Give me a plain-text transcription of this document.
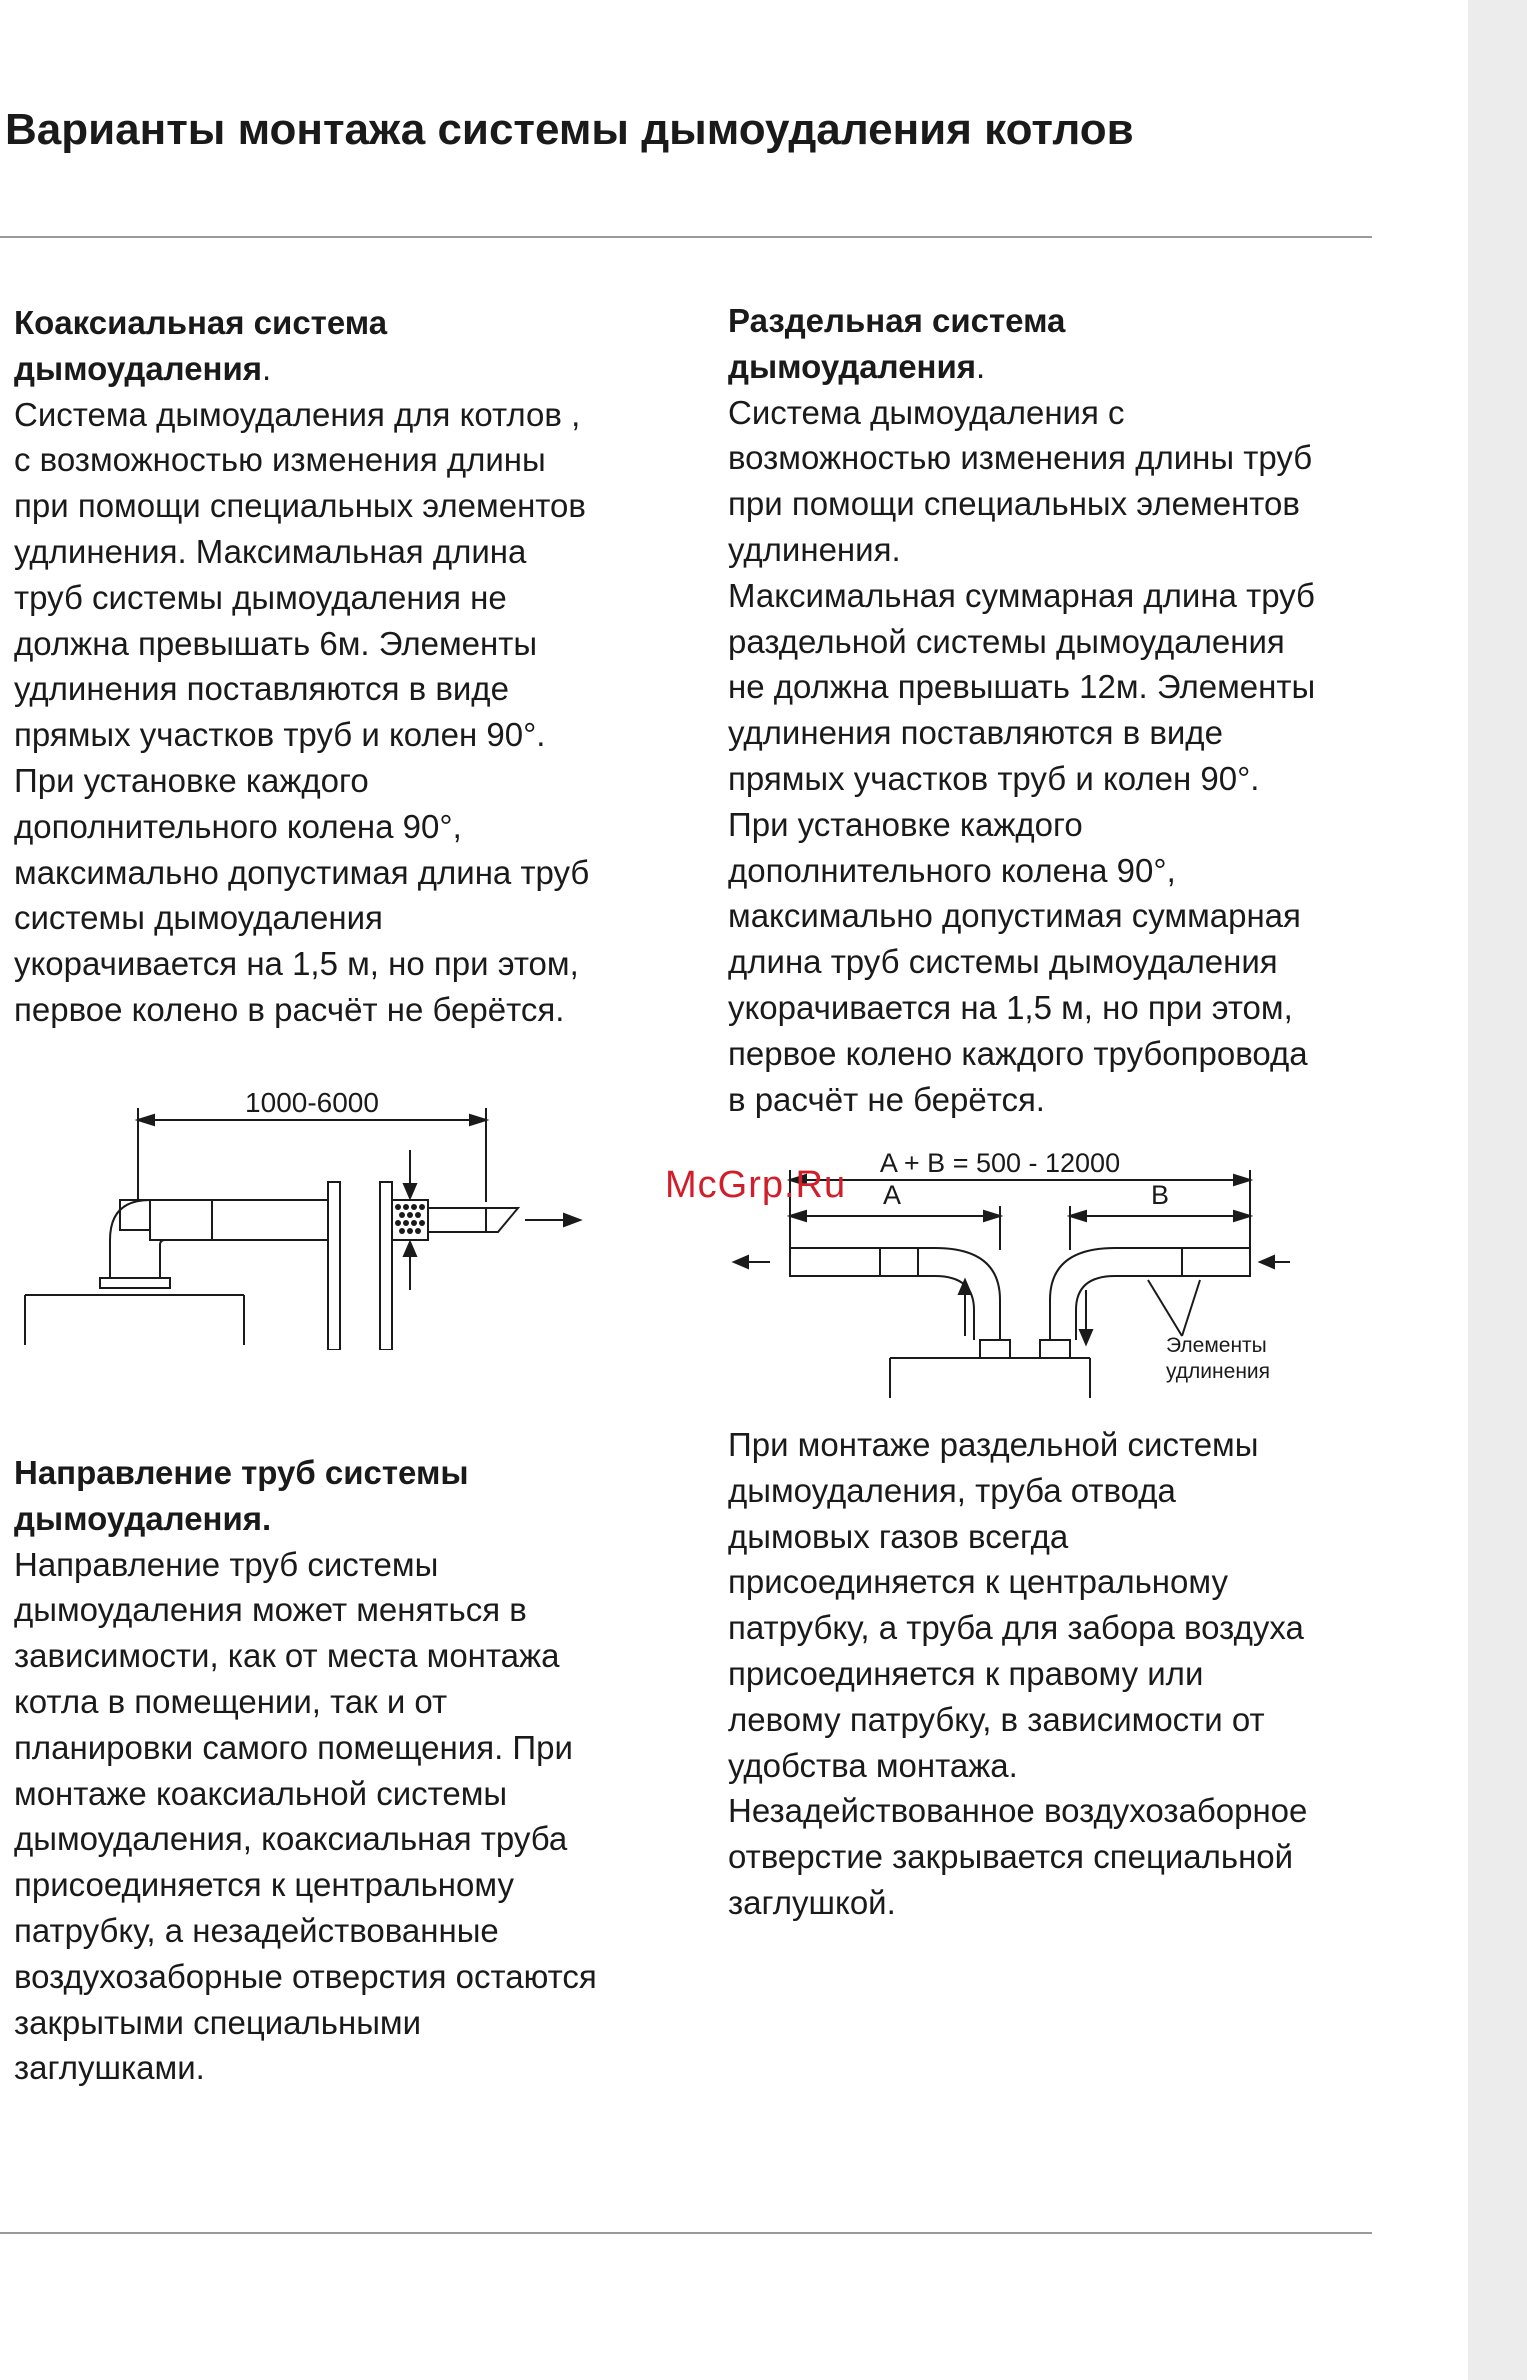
Варианты монтажа системы дымоудаления котлов

Коаксиальная система дымоудаления.

Система дымоудаления для котлов , с возможностью изменения длины при помощи специальных элементов удлинения. Максимальная длина труб системы дымоудаления не должна превышать 6м. Элементы удлинения поставляются в виде прямых участков труб и колен 90°. При установке каждого дополнительного колена 90°, максимально допустимая длина труб системы дымоудаления укорачивается на 1,5 м, но при этом, первое колено в расчёт не берётся.

1000-6000

Направление труб системы дымоудаления.

Направление труб системы дымоудаления может меняться в зависимости, как от места монтажа котла в помещении, так и от планировки самого помещения. При монтаже коаксиальной системы дымоудаления, коаксиальная труба присоединяется к центральному патрубку, а незадействованные воздухозаборные отверстия остаются закрытыми специальными заглушками.

Раздельная система дымоудаления.

Система дымоудаления с возможностью изменения длины труб при помощи специальных элементов удлинения.

Максимальная суммарная длина труб раздельной системы дымоудаления не должна превышать 12м. Элементы удлинения поставляются в виде прямых участков труб и колен 90°. При установке каждого дополнительного колена 90°, максимально допустимая суммарная длина труб системы дымоудаления укорачивается на 1,5 м, но при этом, первое колено каждого трубопровода в расчёт не берётся.

A + B = 500 - 12000
A	B
Элементы
удлинения
McGrp.Ru

При монтаже раздельной системы дымоудаления, труба отвода дымовых газов всегда присоединяется к центральному патрубку, а труба для забора воздуха присоединяется к правому или левому патрубку, в зависимости от удобства монтажа. Незадействованное воздухозаборное отверстие закрывается специальной заглушкой.
